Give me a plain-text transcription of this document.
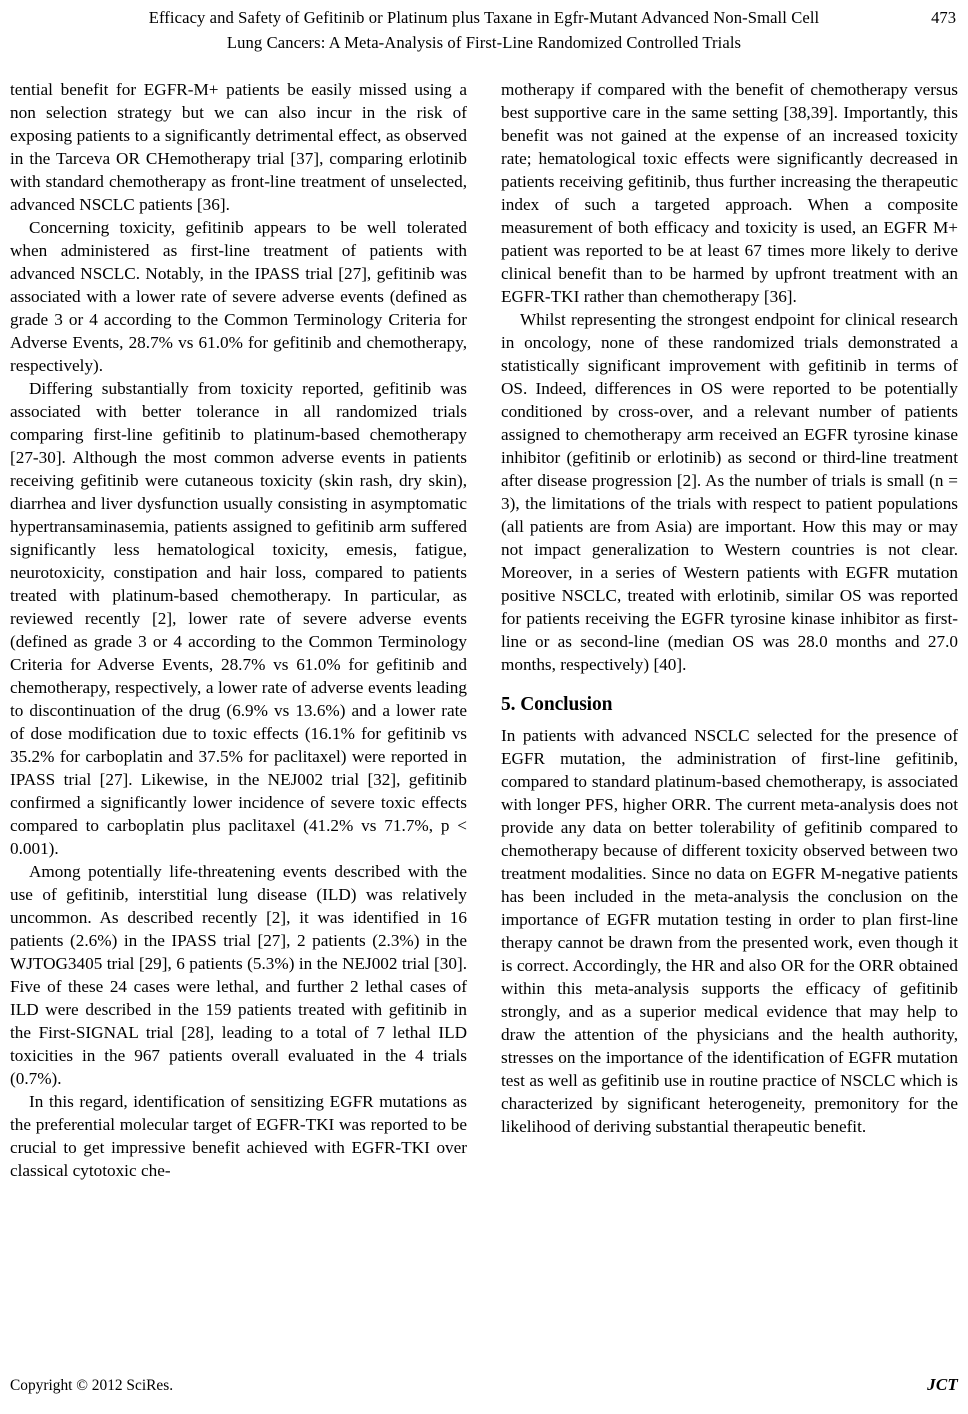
Efficacy and Safety of Gefitinib or Platinum plus Taxane in Egfr-Mutant Advanced Non-Small Cell
Lung Cancers: A Meta-Analysis of First-Line Randomized Controlled Trials
473

tential benefit for EGFR-M+ patients be easily missed using a non selection strategy but we can also incur in the risk of exposing patients to a significantly detrimental effect, as observed in the Tarceva OR CHemotherapy trial [37], comparing erlotinib with standard chemotherapy as front-line treatment of unselected, advanced NSCLC patients [36].

Concerning toxicity, gefitinib appears to be well tolerated when administered as first-line treatment of patients with advanced NSCLC. Notably, in the IPASS trial [27], gefitinib was associated with a lower rate of severe adverse events (defined as grade 3 or 4 according to the Common Terminology Criteria for Adverse Events, 28.7% vs 61.0% for gefitinib and chemotherapy, respectively).

Differing substantially from toxicity reported, gefitinib was associated with better tolerance in all randomized trials comparing first-line gefitinib to platinum-based chemotherapy [27-30]. Although the most common adverse events in patients receiving gefitinib were cutaneous toxicity (skin rash, dry skin), diarrhea and liver dysfunction usually consisting in asymptomatic hypertransaminasemia, patients assigned to gefitinib arm suffered significantly less hematological toxicity, emesis, fatigue, neurotoxicity, constipation and hair loss, compared to patients treated with platinum-based chemotherapy. In particular, as reviewed recently [2], lower rate of severe adverse events (defined as grade 3 or 4 according to the Common Terminology Criteria for Adverse Events, 28.7% vs 61.0% for gefitinib and chemotherapy, respectively, a lower rate of adverse events leading to discontinuation of the drug (6.9% vs 13.6%) and a lower rate of dose modification due to toxic effects (16.1% for gefitinib vs 35.2% for carboplatin and 37.5% for paclitaxel) were reported in IPASS trial [27]. Likewise, in the NEJ002 trial [32], gefitinib confirmed a significantly lower incidence of severe toxic effects compared to carboplatin plus paclitaxel (41.2% vs 71.7%, p < 0.001).

Among potentially life-threatening events described with the use of gefitinib, interstitial lung disease (ILD) was relatively uncommon. As described recently [2], it was identified in 16 patients (2.6%) in the IPASS trial [27], 2 patients (2.3%) in the WJTOG3405 trial [29], 6 patients (5.3%) in the NEJ002 trial [30]. Five of these 24 cases were lethal, and further 2 lethal cases of ILD were described in the 159 patients treated with gefitinib in the First-SIGNAL trial [28], leading to a total of 7 lethal ILD toxicities in the 967 patients overall evaluated in the 4 trials (0.7%).

In this regard, identification of sensitizing EGFR mutations as the preferential molecular target of EGFR-TKI was reported to be crucial to get impressive benefit achieved with EGFR-TKI over classical cytotoxic che-

motherapy if compared with the benefit of chemotherapy versus best supportive care in the same setting [38,39]. Importantly, this benefit was not gained at the expense of an increased toxicity rate; hematological toxic effects were significantly decreased in patients receiving gefitinib, thus further increasing the therapeutic index of such a targeted approach. When a composite measurement of both efficacy and toxicity is used, an EGFR M+ patient was reported to be at least 67 times more likely to derive clinical benefit than to be harmed by upfront treatment with an EGFR-TKI rather than chemotherapy [36].

Whilst representing the strongest endpoint for clinical research in oncology, none of these randomized trials demonstrated a statistically significant improvement with gefitinib in terms of OS. Indeed, differences in OS were reported to be potentially conditioned by cross-over, and a relevant number of patients assigned to chemotherapy arm received an EGFR tyrosine kinase inhibitor (gefitinib or erlotinib) as second or third-line treatment after disease progression [2]. As the number of trials is small (n = 3), the limitations of the trials with respect to patient populations (all patients are from Asia) are important. How this may or may not impact generalization to Western countries is not clear. Moreover, in a series of Western patients with EGFR mutation positive NSCLC, treated with erlotinib, similar OS was reported for patients receiving the EGFR tyrosine kinase inhibitor as first-line or as second-line (median OS was 28.0 months and 27.0 months, respectively) [40].

5. Conclusion

In patients with advanced NSCLC selected for the presence of EGFR mutation, the administration of first-line gefitinib, compared to standard platinum-based chemotherapy, is associated with longer PFS, higher ORR. The current meta-analysis does not provide any data on better tolerability of gefitinib compared to chemotherapy because of different toxicity observed between two treatment modalities. Since no data on EGFR M-negative patients has been included in the meta-analysis the conclusion on the importance of EGFR mutation testing in order to plan first-line therapy cannot be drawn from the presented work, even though it is correct. Accordingly, the HR and also OR for the ORR obtained within this meta-analysis supports the efficacy of gefitinib strongly, and as a superior medical evidence that may help to draw the attention of the physicians and the health authority, stresses on the importance of the identification of EGFR mutation test as well as gefitinib use in routine practice of NSCLC which is characterized by significant heterogeneity, premonitory for the likelihood of deriving substantial therapeutic benefit.

Copyright © 2012 SciRes.	JCT
